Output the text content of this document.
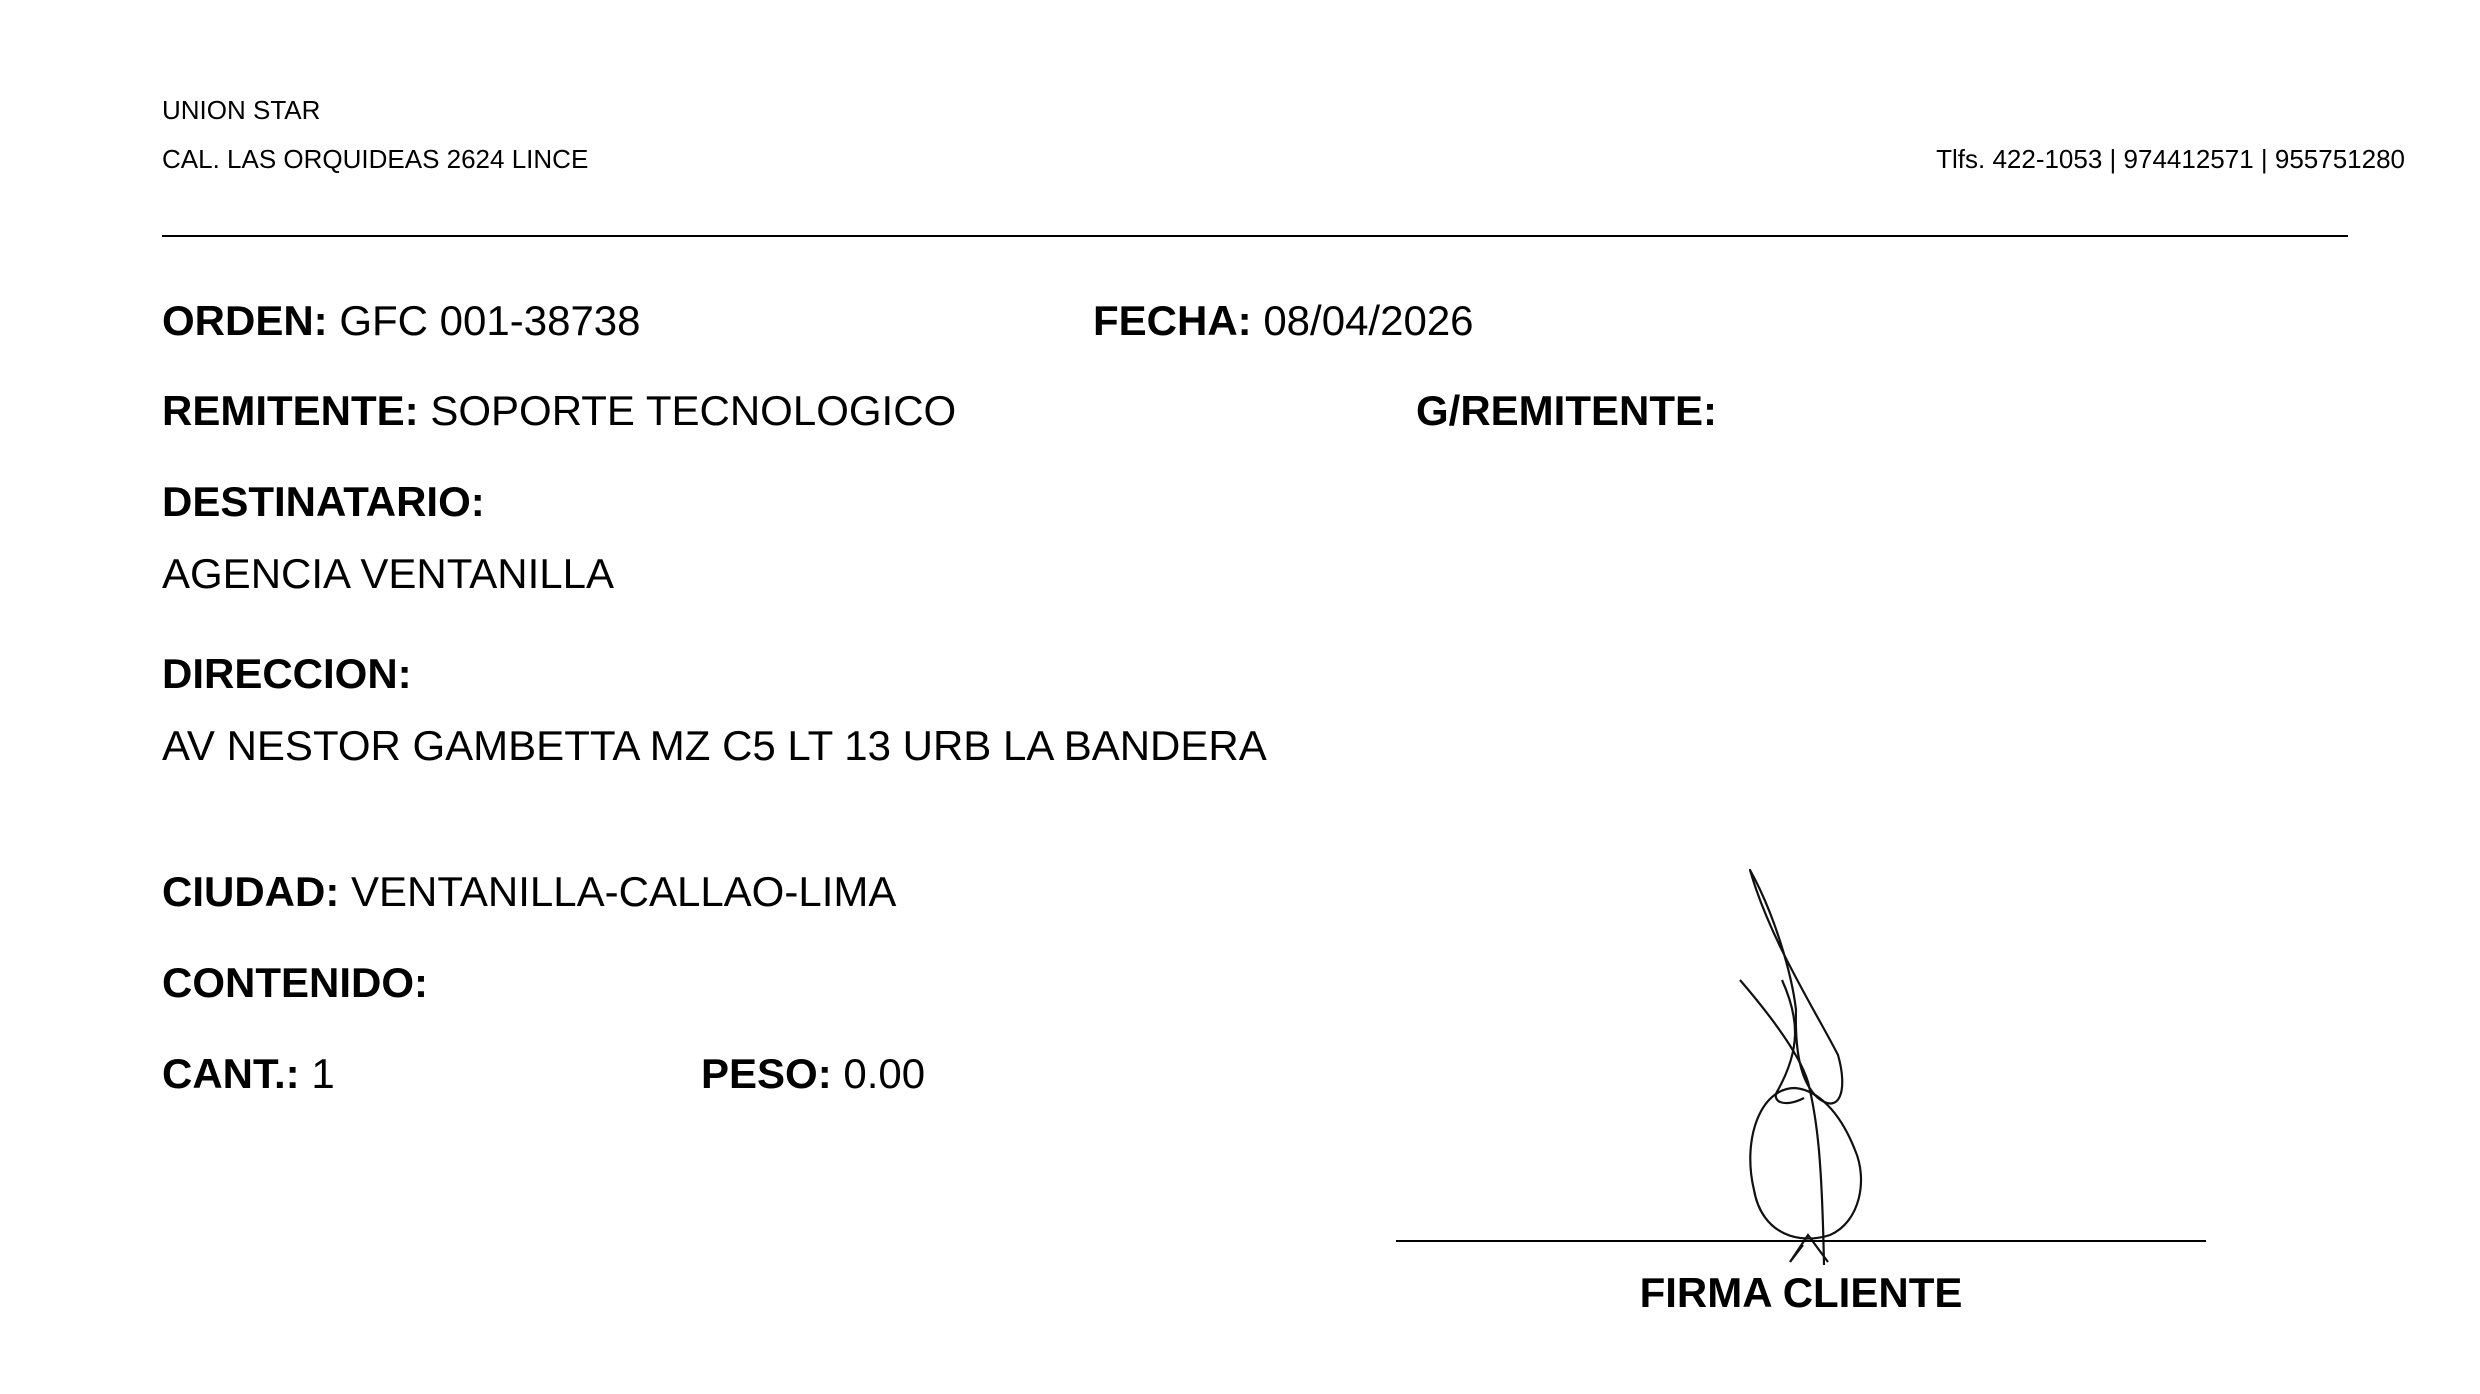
UNION STAR
CAL. LAS ORQUIDEAS 2624 LINCE	Tlfs. 422-1053 | 974412571 | 955751280
ORDEN: GFC 001-38738	FECHA: 08/04/2026
REMITENTE: SOPORTE TECNOLOGICO	G/REMITENTE:
DESTINATARIO:
AGENCIA VENTANILLA
DIRECCION:
AV NESTOR GAMBETTA MZ C5 LT 13 URB LA BANDERA
CIUDAD: VENTANILLA-CALLAO-LIMA
CONTENIDO:
CANT.: 1	PESO: 0.00
FIRMA CLIENTE
